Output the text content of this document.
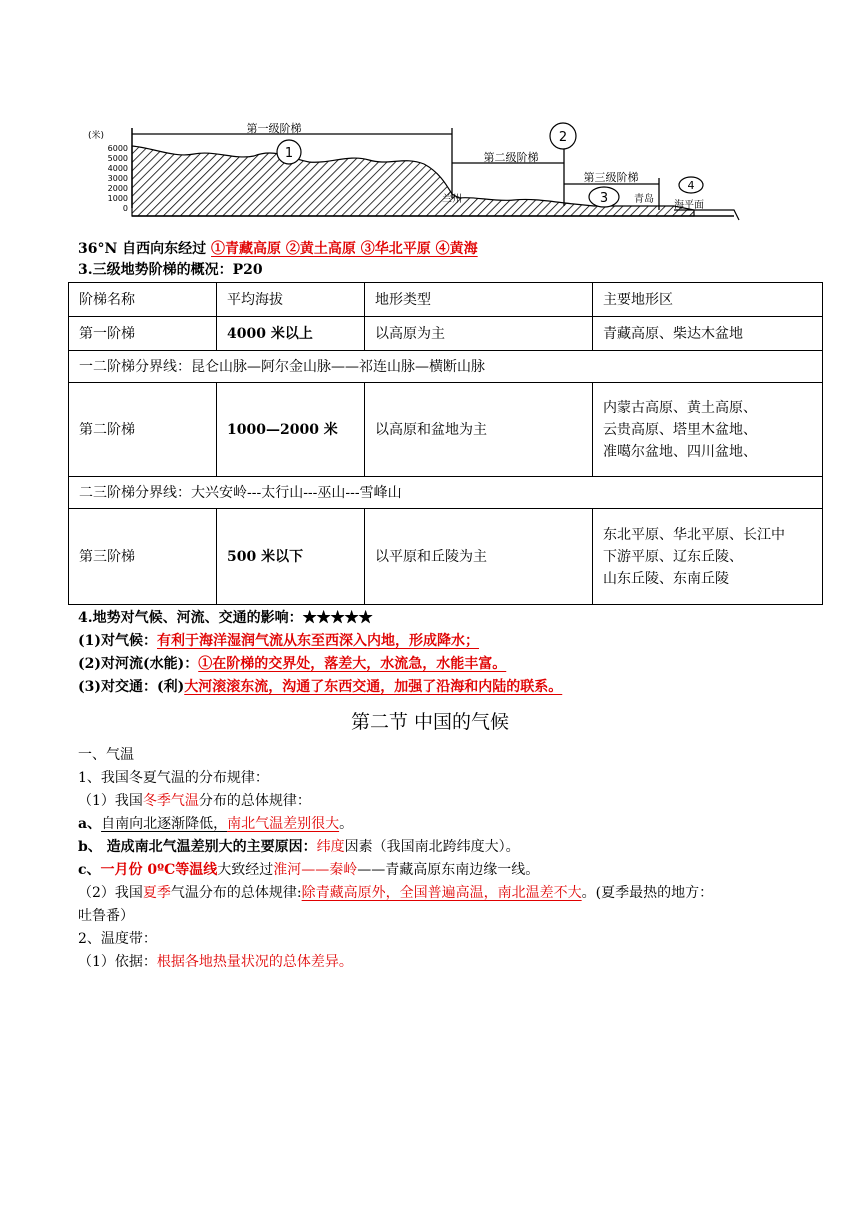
(米)
6000
5000
4000
3000
2000
1000
0
第一级阶梯
第二级阶梯
第三级阶梯
1
2
3
4
兰州	青岛
海平面
36°N 自西向东经过 ①青藏高原 ②黄土高原 ③华北平原 ④黄海
3.三级地势阶梯的概况：P20
阶梯名称	平均海拔	地形类型	主要地形区
第一阶梯	4000 米以上	以高原为主	青藏高原、柴达木盆地
一二阶梯分界线：昆仑山脉—阿尔金山脉——祁连山脉—横断山脉			
第二阶梯	1000—2000 米	以高原和盆地为主	内蒙古高原、黄土高原、
云贵高原、塔里木盆地、
准噶尔盆地、四川盆地、

二三阶梯分界线：大兴安岭---太行山---巫山---雪峰山			
第三阶梯	500 米以下	以平原和丘陵为主	东北平原、华北平原、长江中
下游平原、辽东丘陵、
山东丘陵、东南丘陵
4.地势对气候、河流、交通的影响：★★★★★
(1)对气候：有利于海洋湿润气流从东至西深入内地，形成降水；
(2)对河流(水能)：①在阶梯的交界处，落差大，水流急，水能丰富。
(3)对交通：(利)大河滚滚东流，沟通了东西交通，加强了沿海和内陆的联系。
第二节 中国的气候
一、气温
1、我国冬夏气温的分布规律：
（1）我国冬季气温分布的总体规律：
a、自南向北逐渐降低，南北气温差别很大。
b、 造成南北气温差别大的主要原因：纬度因素（我国南北跨纬度大）。
c、一月份 0ºC等温线大致经过淮河——秦岭——青藏高原东南边缘一线。
（2）我国夏季气温分布的总体规律:除青藏高原外，全国普遍高温，南北温差不大。(夏季最热的地方：
吐鲁番）
2、温度带：
（1）依据：根据各地热量状况的总体差异。
